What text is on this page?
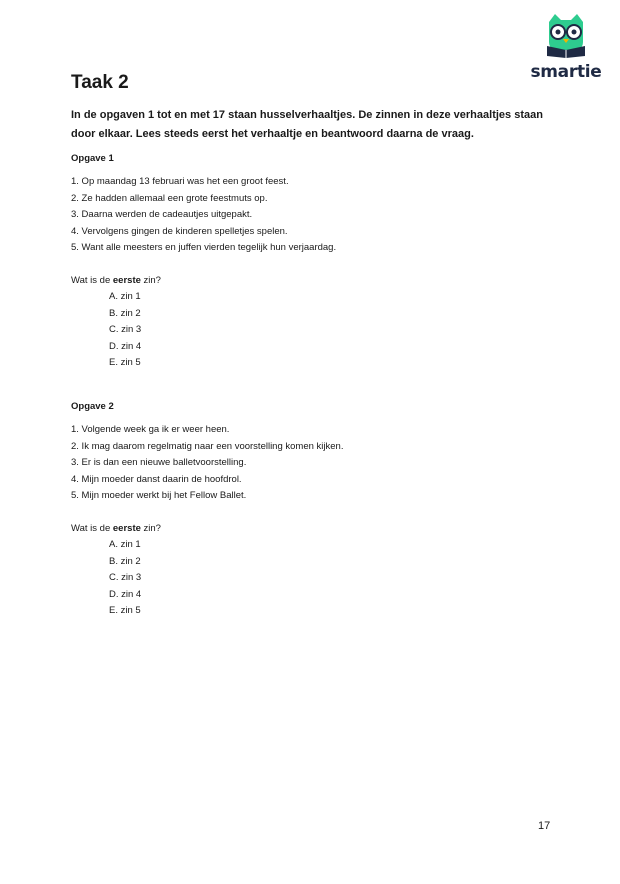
smartie
Taak 2

In de opgaven 1 tot en met 17 staan husselverhaaltjes. De zinnen in deze verhaaltjes staan door elkaar. Lees steeds eerst het verhaaltje en beantwoord daarna de vraag.

Opgave 1
1. Op maandag 13 februari was het een groot feest.
2. Ze hadden allemaal een grote feestmuts op.
3. Daarna werden de cadeautjes uitgepakt.
4. Vervolgens gingen de kinderen spelletjes spelen.
5. Want alle meesters en juffen vierden tegelijk hun verjaardag.
Wat is de eerste zin?
A. zin 1
B. zin 2
C. zin 3
D. zin 4
E. zin 5
Opgave 2
1. Volgende week ga ik er weer heen.
2. Ik mag daarom regelmatig naar een voorstelling komen kijken.
3. Er is dan een nieuwe balletvoorstelling.
4. Mijn moeder danst daarin de hoofdrol.
5. Mijn moeder werkt bij het Fellow Ballet.
Wat is de eerste zin?
A. zin 1
B. zin 2
C. zin 3
D. zin 4
E. zin 5
17
